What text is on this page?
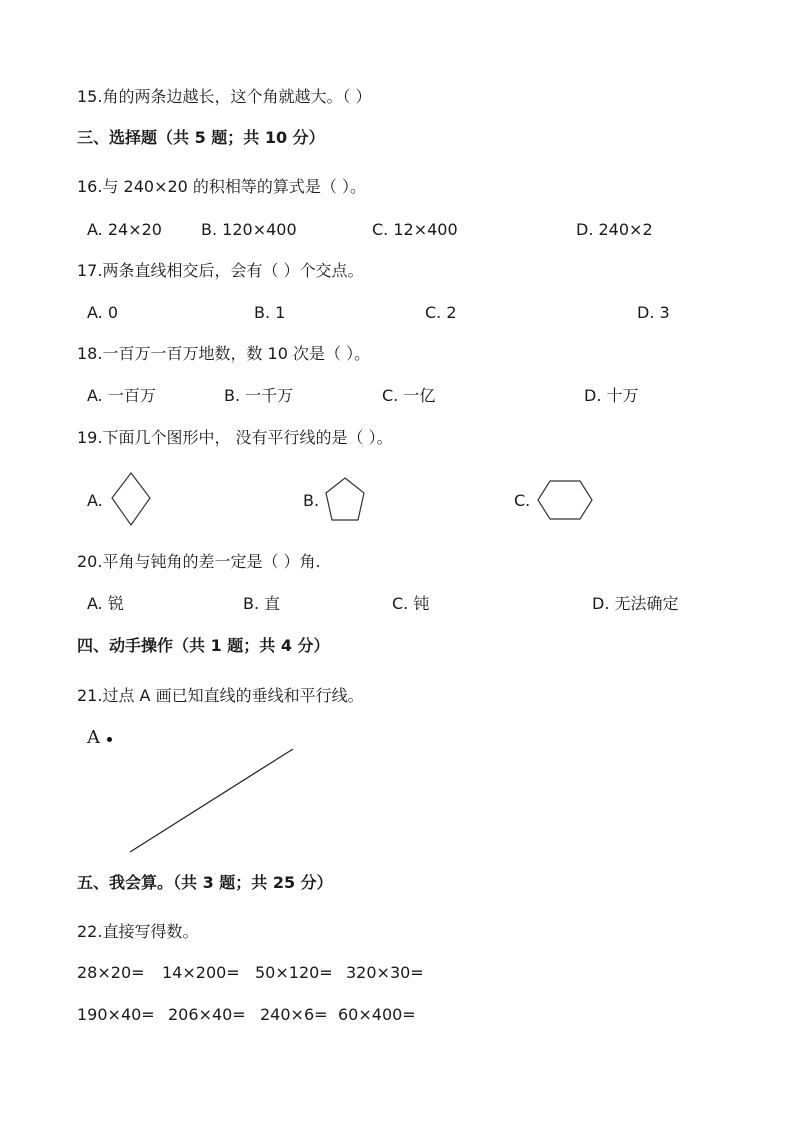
15.角的两条边越长，这个角就越大。（ ）
三、选择题（共 5 题；共 10 分）
16.与 240×20 的积相等的算式是（ ）。
A. 24×20 B. 120×400	C. 12×400	D. 240×2
17.两条直线相交后，会有（ ）个交点。
A. 0	B. 1	C. 2	D. 3
18.一百万一百万地数，数 10 次是（ ）。
A. 一百万	B. 一千万	C. 一亿	D. 十万
19.下面几个图形中， 没有平行线的是（ ）。
A.	B.	C.
20.平角与钝角的差一定是（ ）角.
A. 锐	B. 直	C. 钝	D. 无法确定
四、动手操作（共 1 题；共 4 分）
21.过点 A 画已知直线的垂线和平行线。
A
五、我会算。（共 3 题；共 25 分）
22.直接写得数。
28×20= 14×200= 50×120= 320×30=
190×40= 206×40= 240×6= 60×400=
